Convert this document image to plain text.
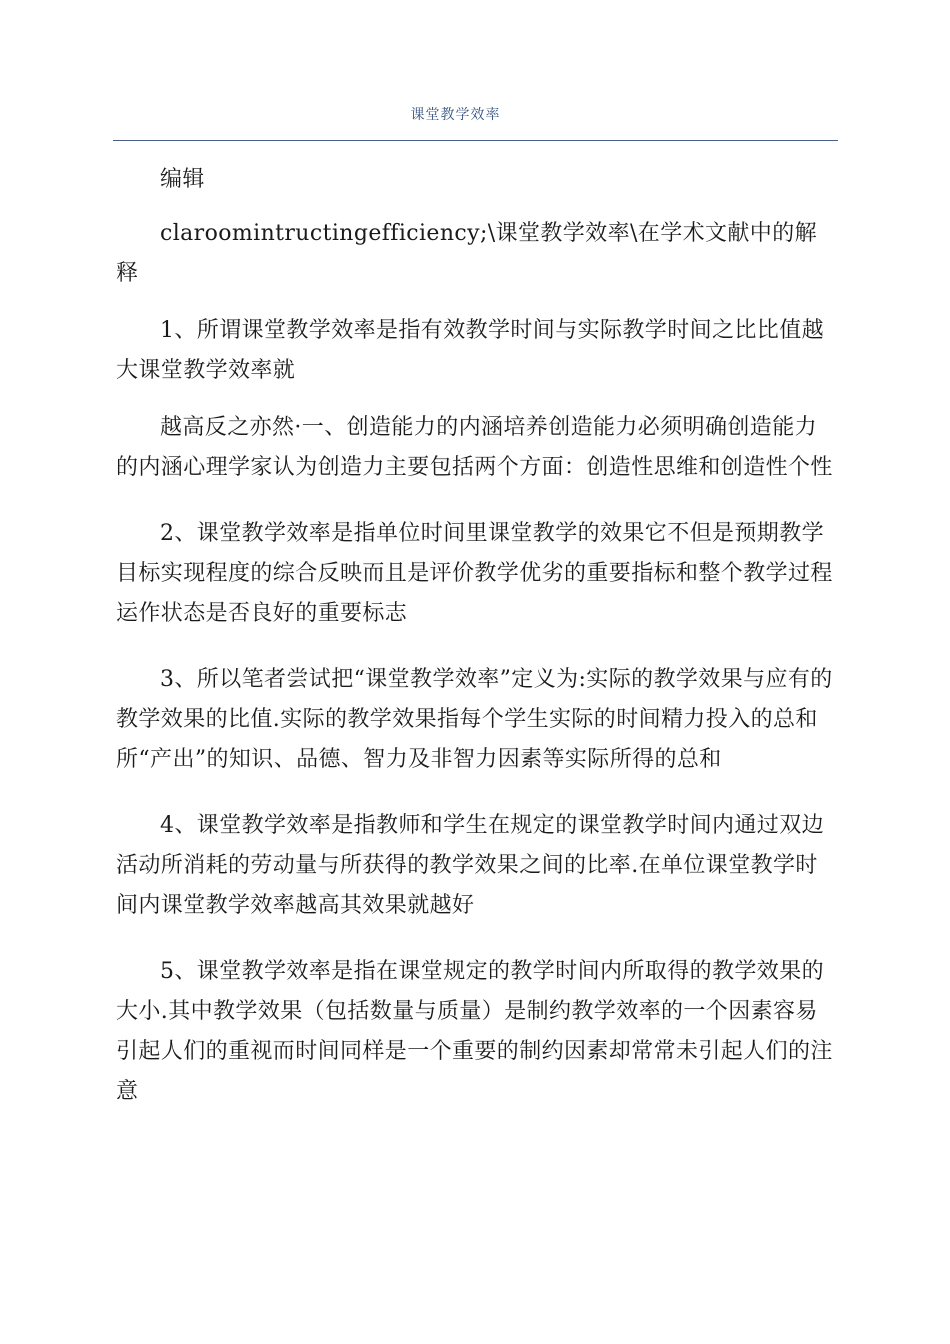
课堂教学效率

编辑

claroomintructingefficiency;\课堂教学效率\在学术文献中的解释

1、所谓课堂教学效率是指有效教学时间与实际教学时间之比比值越大课堂教学效率就

越高反之亦然·一、创造能力的内涵培养创造能力必须明确创造能力的内涵心理学家认为创造力主要包括两个方面：创造性思维和创造性个性

2、课堂教学效率是指单位时间里课堂教学的效果它不但是预期教学目标实现程度的综合反映而且是评价教学优劣的重要指标和整个教学过程运作状态是否良好的重要标志

3、所以笔者尝试把“课堂教学效率”定义为:实际的教学效果与应有的教学效果的比值.实际的教学效果指每个学生实际的时间精力投入的总和所“产出”的知识、品德、智力及非智力因素等实际所得的总和

4、课堂教学效率是指教师和学生在规定的课堂教学时间内通过双边活动所消耗的劳动量与所获得的教学效果之间的比率.在单位课堂教学时间内课堂教学效率越高其效果就越好

5、课堂教学效率是指在课堂规定的教学时间内所取得的教学效果的大小.其中教学效果（包括数量与质量）是制约教学效率的一个因素容易引起人们的重视而时间同样是一个重要的制约因素却常常未引起人们的注意
